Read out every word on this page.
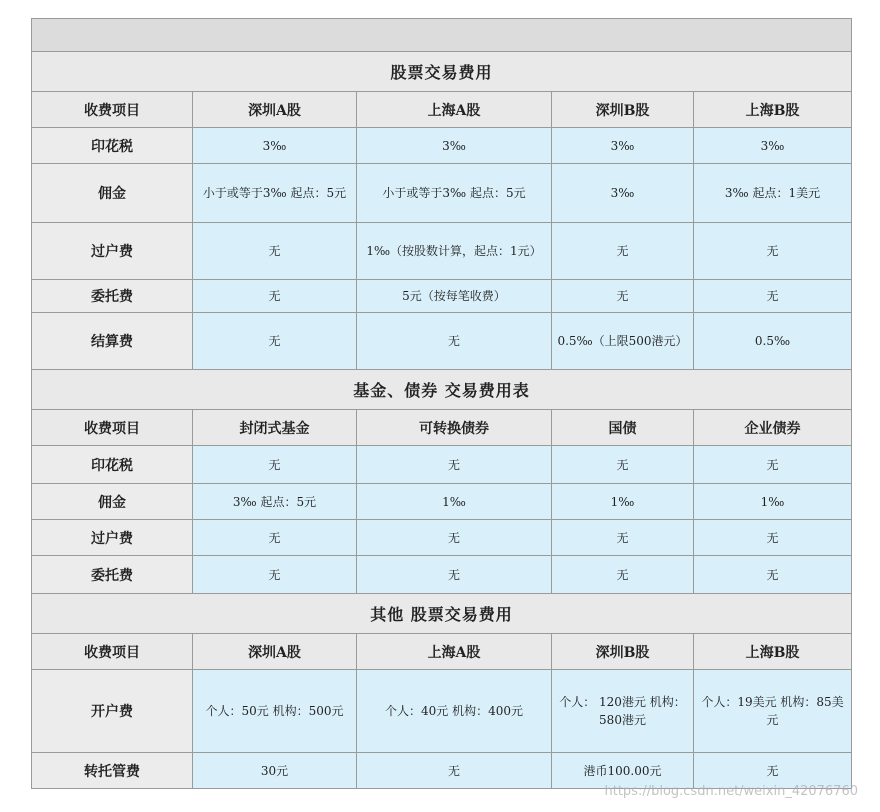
股票交易费用				
收费项目	深圳A股	上海A股	深圳B股	上海B股
印花税	3‰	3‰	3‰	3‰
佣金	小于或等于3‰ 起点：5元	小于或等于3‰ 起点：5元	3‰	3‰ 起点：1美元
过户费	无	1‰（按股数计算，起点：1元）	无	无
委托费	无	5元（按每笔收费）	无	无
结算费	无	无	0.5‰（上限500港元）	0.5‰
基金、债券 交易费用表				
收费项目	封闭式基金	可转换债券	国债	企业债券
印花税	无	无	无	无
佣金	3‰ 起点：5元	1‰	1‰	1‰
过户费	无	无	无	无
委托费	无	无	无	无
其他 股票交易费用				
收费项目	深圳A股	上海A股	深圳B股	上海B股
开户费	个人：50元 机构：500元	个人：40元 机构：400元	个人： 120港元 机构： 580港元	个人：19美元 机构：85美元
转托管费	30元	无	港币100.00元	无
https://blog.csdn.net/weixin_42076760
